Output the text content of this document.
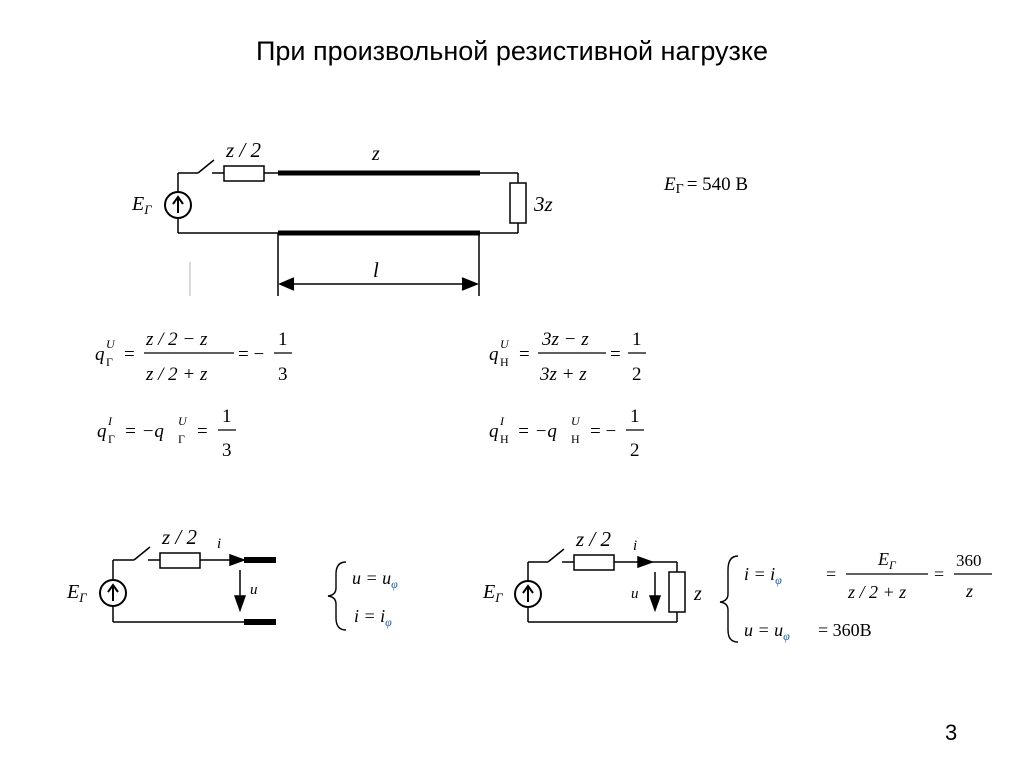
При произвольной резистивной нагрузке
$E_Г$
z / 2	z
3z
l
EГ = 540 В
q U
Г =
z / 2 − z
z / 2 + z
= −
1
3
q U
Н =
3z − z
3z + z
=
1
2
q I
Г = −q U
Г =
1
3
q I
Н = −q U
Н = −
1
2
$E_Г$
z / 2 i
u
$u = u_\varphi$
$i = i_\varphi$
$E_Г$
z / 2 i
u	z
$i = i_\varphi$ =
$E_Г$
z / 2 + z
=
360
z
$u = u_\varphi = 360В$
3
